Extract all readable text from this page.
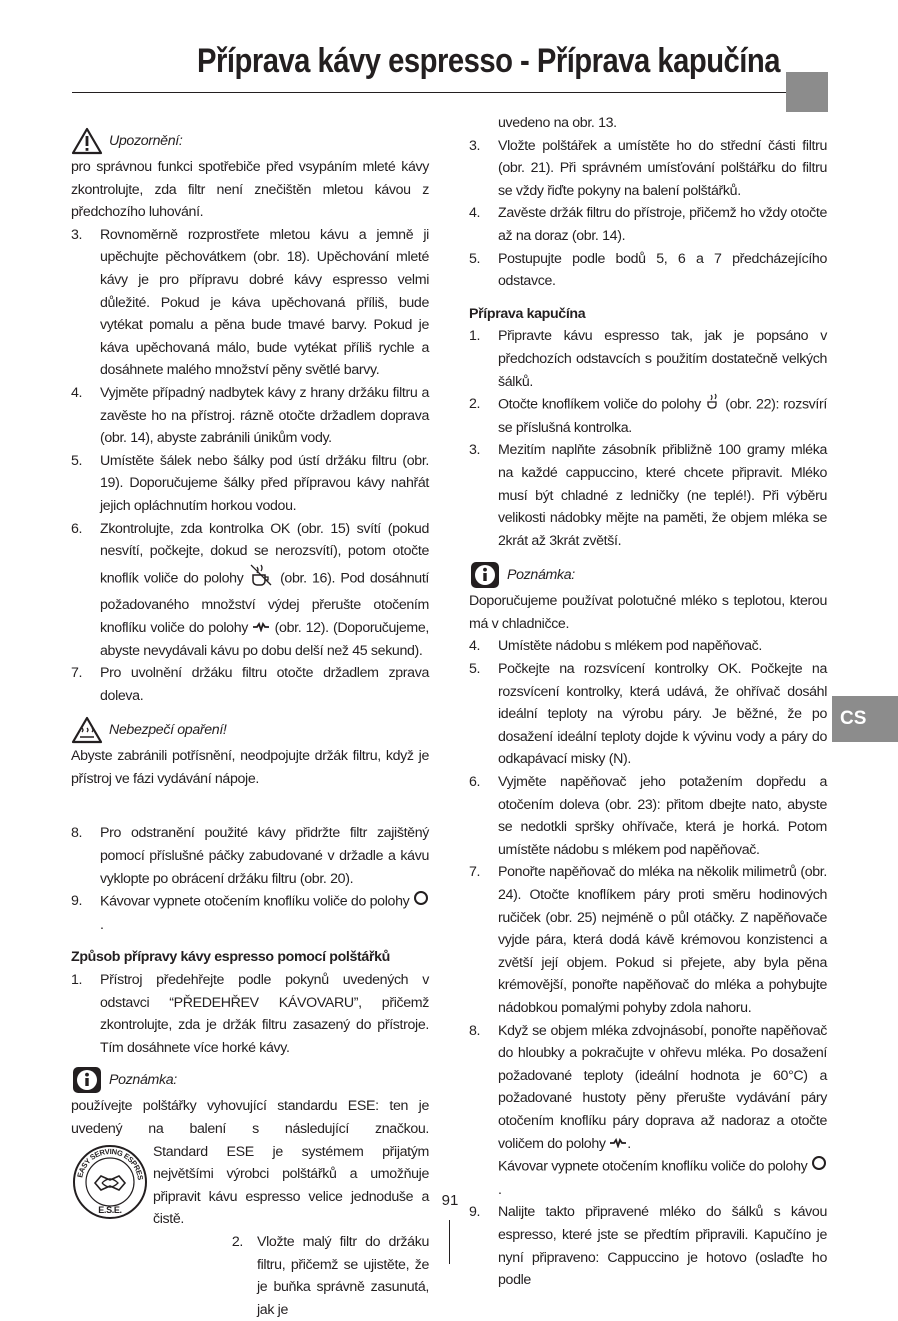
Příprava kávy espresso - Příprava kapučína
CS
Upozornění:

pro správnou funkci spotřebiče před vsypáním mleté kávy zkontrolujte, zda filtr není znečištěn mletou kávou z předchozího luhování.

3.	Rovnoměrně rozprostřete mletou kávu a jemně ji upěchujte pěchovátkem (obr. 18). Upěchování mleté kávy je pro přípravu dobré kávy espresso velmi důležité. Pokud je káva upěchovaná příliš, bude vytékat pomalu a pěna bude tmavé barvy. Pokud je káva upěchovaná málo, bude vytékat příliš rychle a dosáhnete malého množství pěny světlé barvy.
4.	Vyjměte případný nadbytek kávy z hrany držáku filtru a zavěste ho na přístroj. rázně otočte držadlem doprava (obr. 14), abyste zabránili únikům vody.
5.	Umístěte šálek nebo šálky pod ústí držáku filtru (obr. 19). Doporučujeme šálky před přípravou kávy nahřát jejich opláchnutím horkou vodou.
6.	Zkontrolujte, zda kontrolka OK (obr. 15) svítí (pokud nesvítí, počkejte, dokud se nerozsvítí), potom otočte knoflík voliče do polohy	(obr. 16). Pod dosáhnutí požadovaného množství výdej přerušte otočením knoflíku voliče do polohy (obr. 12). (Doporučujeme, abyste nevydávali kávu po dobu delší než 45 sekund).
7.	Pro uvolnění držáku filtru otočte držadlem zprava doleva.
Nebezpečí opaření!

Abyste zabránili potřísnění, neodpojujte držák filtru, když je přístroj ve fázi vydávání nápoje.

8.	Pro odstranění použité kávy přidržte filtr zajištěný pomocí příslušné páčky zabudované v držadle a kávu vyklopte po obrácení držáku filtru (obr. 20).
9.	Kávovar vypnete otočením knoflíku voliče do polohy .
Způsob přípravy kávy espresso pomocí polštářků
1.	Přístroj předehřejte podle pokynů uvedených v odstavci “PŘEDEHŘEV KÁVOVARU”, přičemž zkontrolujte, zda je držák filtru zasazený do přístroje. Tím dosáhnete více horké kávy.
Poznámka:

používejte polštářky vyhovující standardu ESE: ten je uvedený na balení s následující značkou.

EASY SERVING ESPRES
E.S.E.

Standard ESE je systémem přijatým největšími výrobci polštářků a umožňuje připravit kávu espresso velice jednoduše a čistě.

2. Vložte malý filtr do držáku filtru, přičemž se ujistěte, že je buňka správně zasunutá, jak je
uvedeno na obr. 13.
3.	Vložte polštářek a umístěte ho do střední části filtru (obr. 21). Při správném umísťování polštářku do filtru se vždy řiďte pokyny na balení polštářků.
4.	Zavěste držák filtru do přístroje, přičemž ho vždy otočte až na doraz (obr. 14).
5.	Postupujte podle bodů 5, 6 a 7 předcházejícího odstavce.
Příprava kapučína
1.	Připravte kávu espresso tak, jak je popsáno v předchozích odstavcích s použitím dostatečně velkých šálků.
2.	Otočte knoflíkem voliče do polohy (obr. 22): rozsvírí se příslušná kontrolka.
3.	Mezitím naplňte zásobník přibližně 100 gramy mléka na každé cappuccino, které chcete připravit. Mléko musí být chladné z ledničky (ne teplé!). Při výběru velikosti nádobky mějte na paměti, že objem mléka se 2krát až 3krát zvětší.
Poznámka:

Doporučujeme používat polotučné mléko s teplotou, kterou má v chladničce.

4.	Umístěte nádobu s mlékem pod napěňovač.
5.	Počkejte na rozsvícení kontrolky OK. Počkejte na rozsvícení kontrolky, která udává, že ohřívač dosáhl ideální teploty na výrobu páry. Je běžné, že po dosažení ideální teploty dojde k vývinu vody a páry do odkapávací misky (N).
6.	Vyjměte napěňovač jeho potažením dopředu a otočením doleva (obr. 23): přitom dbejte nato, abyste se nedotkli spršky ohřívače, která je horká. Potom umístěte nádobu s mlékem pod napěňovač.
7.	Ponořte napěňovač do mléka na několik milimetrů (obr. 24). Otočte knoflíkem páry proti směru hodinových ručiček (obr. 25) nejméně o půl otáčky. Z napěňovače vyjde pára, která dodá kávě krémovou konzistenci a zvětší její objem. Pokud si přejete, aby byla pěna krémovější, ponořte napěňovač do mléka a pohybujte nádobkou pomalými pohyby zdola nahoru.
8.	Když se objem mléka zdvojnásobí, ponořte napěňovač do hloubky a pokračujte v ohřevu mléka. Po dosažení požadované teploty (ideální hodnota je 60°C) a požadované hustoty pěny přerušte vydávání páry otočením knoflíku páry doprava až nadoraz a otočte voličem do polohy .
Kávovar vypnete otočením knoflíku voliče do polohy .
9.	Nalijte takto připravené mléko do šálků s kávou espresso, které jste se předtím připravili. Kapučíno je nyní připraveno: Cappuccino je hotovo (oslaďte ho podle
91
